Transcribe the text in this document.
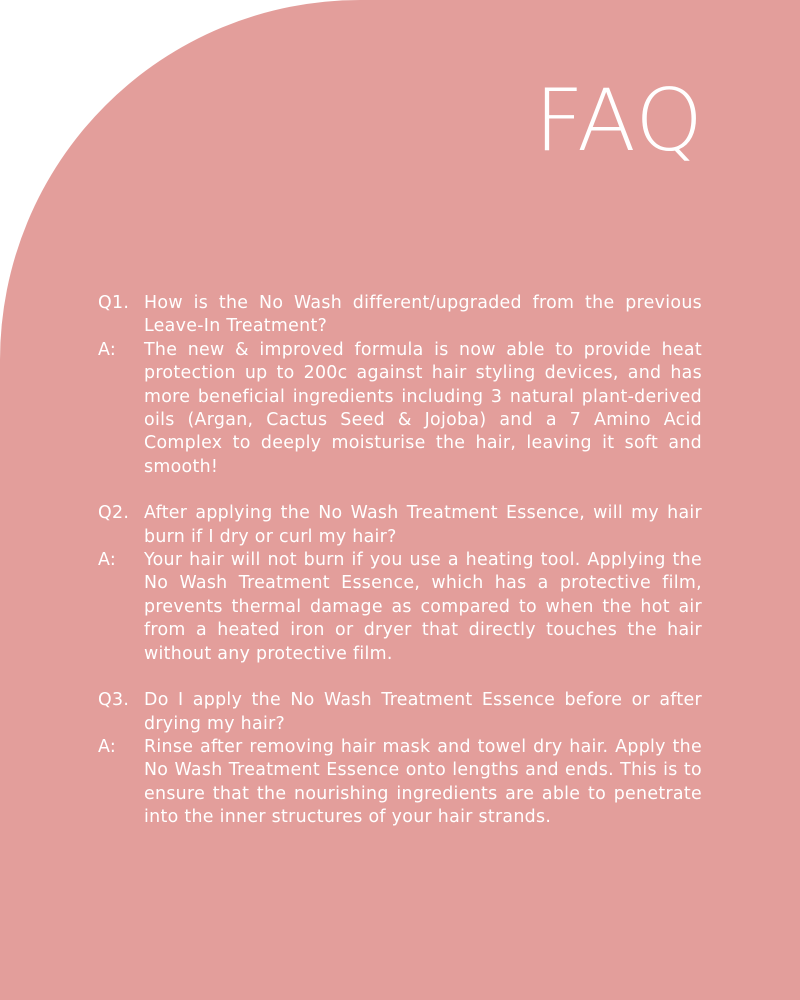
FAQ
Q1. How is the No Wash different/upgraded from the previous Leave-In Treatment?
A:	The new & improved formula is now able to provide heat protection up to 200c against hair styling devices, and has more beneficial ingredients including 3 natural plant-derived oils (Argan, Cactus Seed & Jojoba) and a 7 Amino Acid Complex to deeply moisturise the hair, leaving it soft and smooth!
Q2. After applying the No Wash Treatment Essence, will my hair burn if I dry or curl my hair?
A:	Your hair will not burn if you use a heating tool. Applying the No Wash Treatment Essence, which has a protective film, prevents thermal damage as compared to when the hot air from a heated iron or dryer that directly touches the hair without any protective film.
Q3. Do I apply the No Wash Treatment Essence before or after drying my hair?
A:	Rinse after removing hair mask and towel dry hair. Apply the No Wash Treatment Essence onto lengths and ends. This is to ensure that the nourishing ingredients are able to penetrate into the inner structures of your hair strands.
